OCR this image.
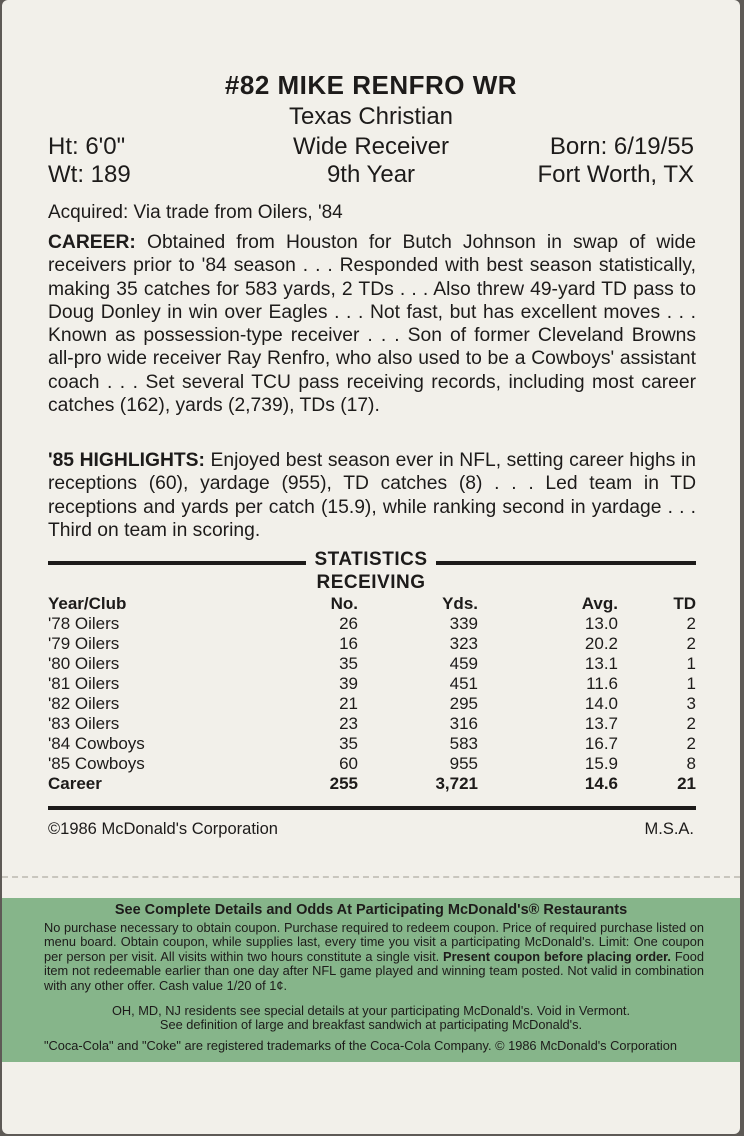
#82 MIKE RENFRO WR
Texas Christian
Ht: 6'0"	Wide Receiver	Born: 6/19/55
Wt: 189	9th Year	Fort Worth, TX
Acquired: Via trade from Oilers, '84
CAREER: Obtained from Houston for Butch Johnson in swap of wide receivers prior to '84 season . . . Responded with best season statistically, making 35 catches for 583 yards, 2 TDs . . . Also threw 49-yard TD pass to Doug Donley in win over Eagles . . . Not fast, but has excellent moves . . . Known as possession-type receiver . . . Son of former Cleveland Browns all-pro wide receiver Ray Renfro, who also used to be a Cowboys' assistant coach . . . Set several TCU pass receiving records, including most career catches (162), yards (2,739), TDs (17).
'85 HIGHLIGHTS: Enjoyed best season ever in NFL, setting career highs in receptions (60), yardage (955), TD catches (8) . . . Led team in TD receptions and yards per catch (15.9), while ranking second in yardage . . . Third on team in scoring.
STATISTICS
RECEIVING
Year/Club	No.	Yds.	Avg.	TD
'78 Oilers	26	339	13.0	2
'79 Oilers	16	323	20.2	2
'80 Oilers	35	459	13.1	1
'81 Oilers	39	451	11.6	1
'82 Oilers	21	295	14.0	3
'83 Oilers	23	316	13.7	2
'84 Cowboys	35	583	16.7	2
'85 Cowboys	60	955	15.9	8
Career	255	3,721	14.6	21
©1986 McDonald's Corporation	M.S.A.
See Complete Details and Odds At Participating McDonald's® Restaurants
No purchase necessary to obtain coupon. Purchase required to redeem coupon. Price of required purchase listed on menu board. Obtain coupon, while supplies last, every time you visit a participating McDonald's. Limit: One coupon per person per visit. All visits within two hours constitute a single visit. Present coupon before placing order. Food item not redeemable earlier than one day after NFL game played and winning team posted. Not valid in combination with any other offer. Cash value 1/20 of 1¢.
OH, MD, NJ residents see special details at your participating McDonald's. Void in Vermont.
See definition of large and breakfast sandwich at participating McDonald's.
"Coca-Cola" and "Coke" are registered trademarks of the Coca-Cola Company. © 1986 McDonald's Corporation
